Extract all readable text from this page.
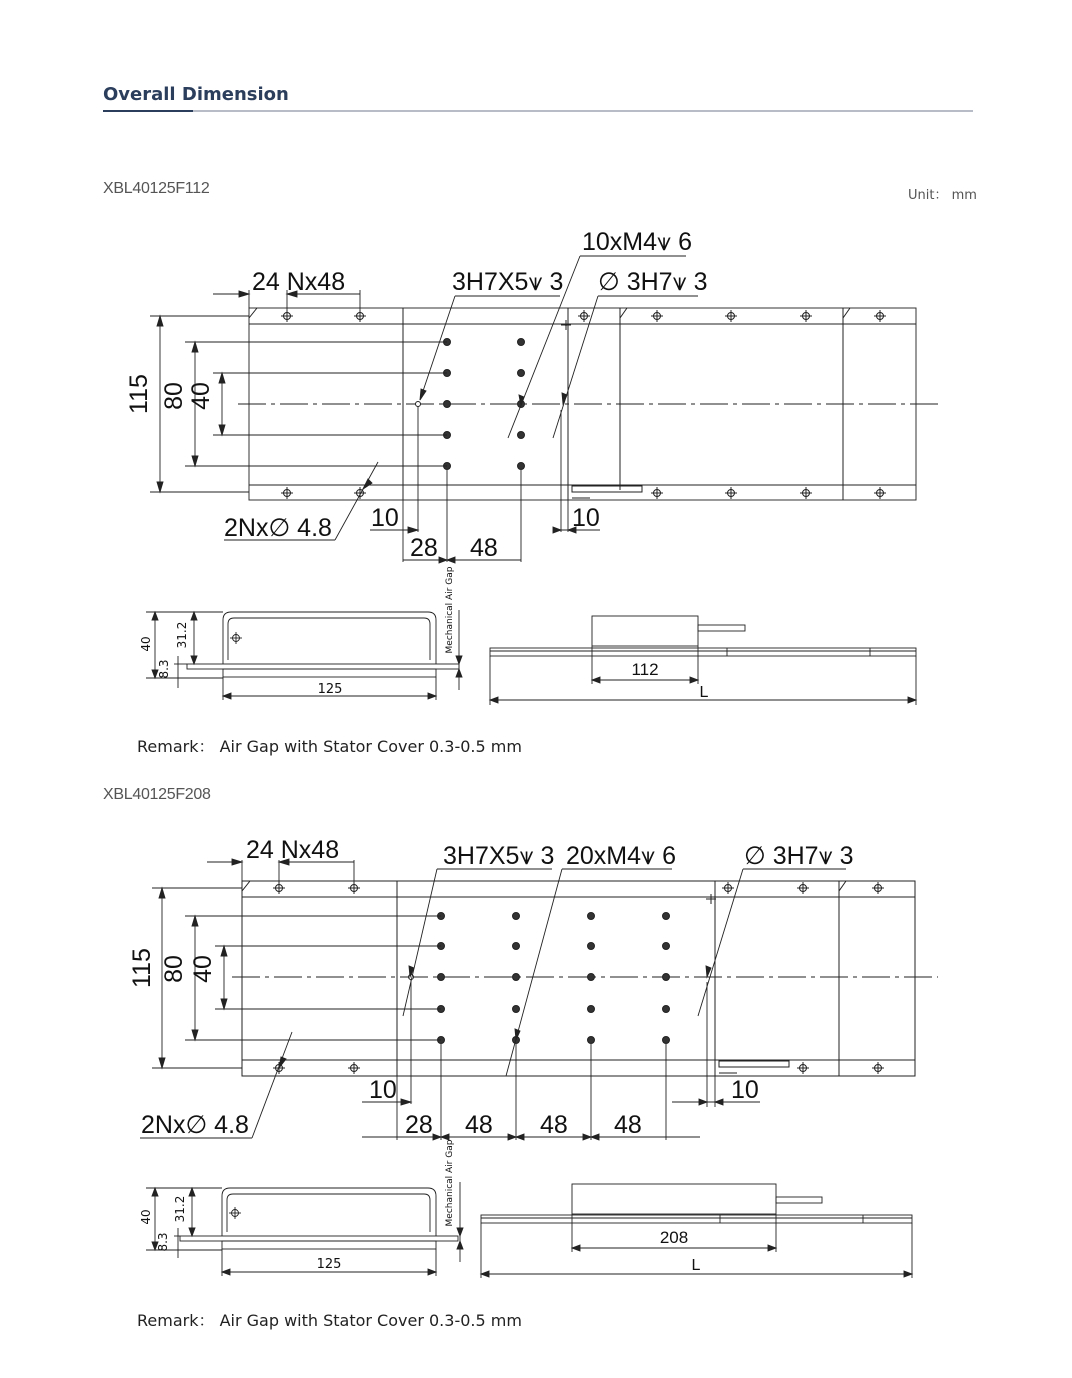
Overall Dimension
XBL40125F112	Unit： mm
24 Nx48	3H7X5⩛ 3
10xM4⩛ 6
∅ 3H7⩛ 3
115 80 40
2Nx∅ 4.8 10	10
28 48
40 31.2
8.3
125
Mechanical Air Gap
112
L
Remark： Air Gap with Stator Cover 0.3-0.5 mm
XBL40125F208
24 Nx48	3H7X5⩛ 3 20xM4⩛ 6	∅ 3H7⩛ 3
115 80 40
2Nx∅ 4.8
10	10
28 48 48 48
40 31.2
8.3
125
Mechanical Air Gap
208
L
Remark： Air Gap with Stator Cover 0.3-0.5 mm
